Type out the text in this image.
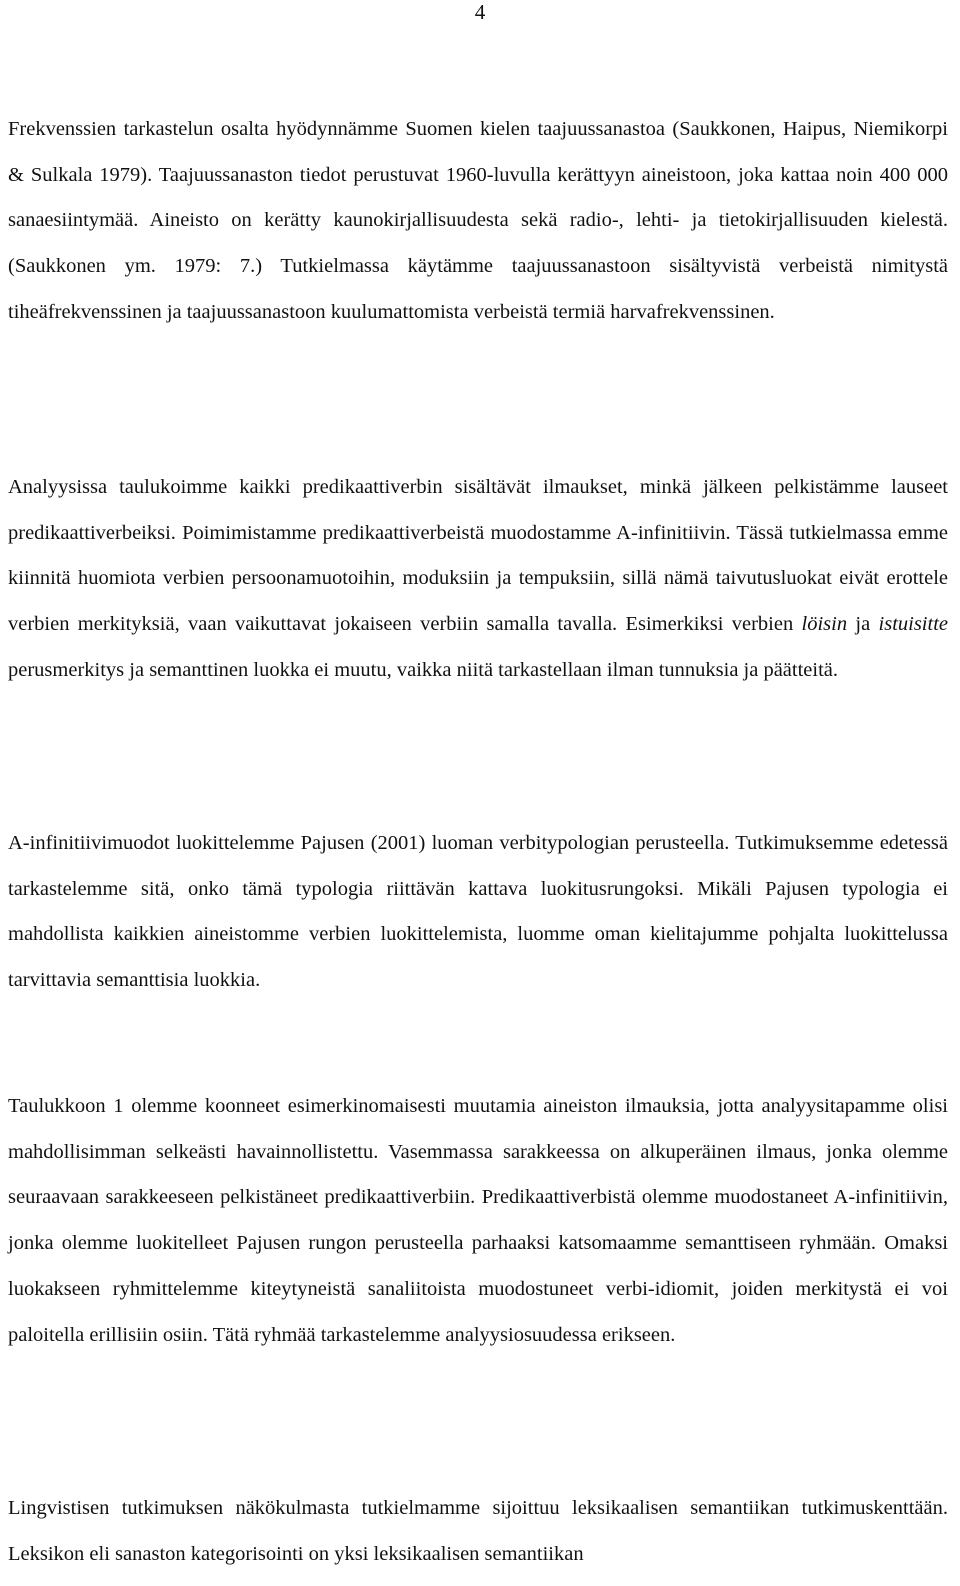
4

Frekvenssien tarkastelun osalta hyödynnämme Suomen kielen taajuussanastoa (Saukkonen, Haipus, Niemikorpi & Sulkala 1979). Taajuussanaston tiedot perustuvat 1960-luvulla kerättyyn aineistoon, joka kattaa noin 400 000 sanaesiintymää. Aineisto on kerätty kaunokirjallisuudesta sekä radio-, lehti- ja tietokirjallisuuden kielestä. (Saukkonen ym. 1979: 7.) Tutkielmassa käytämme taajuussanastoon sisältyvistä verbeistä nimitystä tiheäfrekvenssinen ja taajuussanastoon kuulumattomista verbeistä termiä harvafrekvenssinen.

Analyysissa taulukoimme kaikki predikaattiverbin sisältävät ilmaukset, minkä jälkeen pelkistämme lauseet predikaattiverbeiksi. Poimimistamme predikaattiverbeistä muodostamme A-infinitiivin. Tässä tutkielmassa emme kiinnitä huomiota verbien persoonamuotoihin, moduksiin ja tempuksiin, sillä nämä taivutusluokat eivät erottele verbien merkityksiä, vaan vaikuttavat jokaiseen verbiin samalla tavalla. Esimerkiksi verbien löisin ja istuisitte perusmerkitys ja semanttinen luokka ei muutu, vaikka niitä tarkastellaan ilman tunnuksia ja päätteitä.

A-infinitiivimuodot luokittelemme Pajusen (2001) luoman verbitypologian perusteella. Tutkimuksemme edetessä tarkastelemme sitä, onko tämä typologia riittävän kattava luokitusrungoksi. Mikäli Pajusen typologia ei mahdollista kaikkien aineistomme verbien luokittelemista, luomme oman kielitajumme pohjalta luokittelussa tarvittavia semanttisia luokkia.

Taulukkoon 1 olemme koonneet esimerkinomaisesti muutamia aineiston ilmauksia, jotta analyysitapamme olisi mahdollisimman selkeästi havainnollistettu. Vasemmassa sarakkeessa on alkuperäinen ilmaus, jonka olemme seuraavaan sarakkeeseen pelkistäneet predikaattiverbiin. Predikaattiverbistä olemme muodostaneet A-infinitiivin, jonka olemme luokitelleet Pajusen rungon perusteella parhaaksi katsomaamme semanttiseen ryhmään. Omaksi luokakseen ryhmittelemme kiteytyneistä sanaliitoista muodostuneet verbi-idiomit, joiden merkitystä ei voi paloitella erillisiin osiin. Tätä ryhmää tarkastelemme analyysiosuudessa erikseen.

Lingvistisen tutkimuksen näkökulmasta tutkielmamme sijoittuu leksikaalisen semantiikan tutkimuskenttään. Leksikon eli sanaston kategorisointi on yksi leksikaalisen semantiikan
